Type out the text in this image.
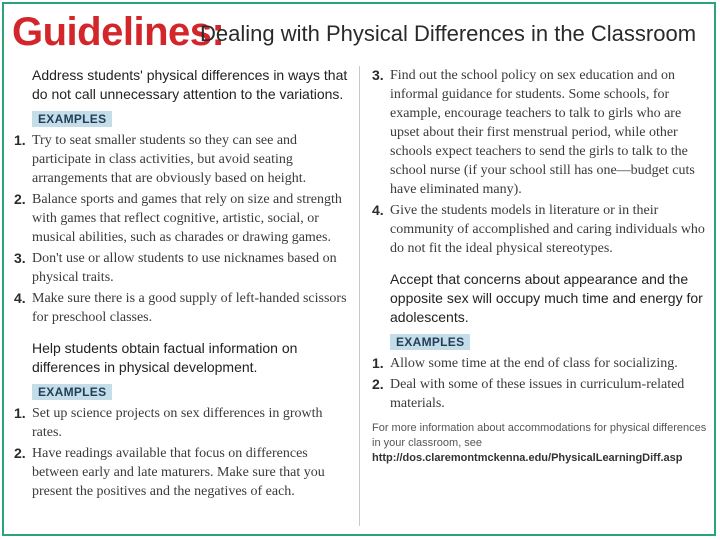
Guidelines:
Dealing with Physical Differences in the Classroom

Address students' physical differences in ways that do not call unnecessary attention to the variations.

EXAMPLES
1. Try to seat smaller students so they can see and participate in class activities, but avoid seating arrangements that are obviously based on height.
2. Balance sports and games that rely on size and strength with games that reflect cognitive, artistic, social, or musical abilities, such as charades or drawing games.
3. Don't use or allow students to use nicknames based on physical traits.
4. Make sure there is a good supply of left-handed scissors for preschool classes.

Help students obtain factual information on differences in physical development.

EXAMPLES
1. Set up science projects on sex differences in growth rates.
2. Have readings available that focus on differences between early and late maturers. Make sure that you present the positives and the negatives of each.
3. Find out the school policy on sex education and on informal guidance for students. Some schools, for example, encourage teachers to talk to girls who are upset about their first menstrual period, while other schools expect teachers to send the girls to talk to the school nurse (if your school still has one—budget cuts have eliminated many).
4. Give the students models in literature or in their community of accomplished and caring individuals who do not fit the ideal physical stereotypes.

Accept that concerns about appearance and the opposite sex will occupy much time and energy for adolescents.

EXAMPLES
1. Allow some time at the end of class for socializing.
2. Deal with some of these issues in curriculum-related materials.
For more information about accommodations for physical differences in your classroom, see http://dos.claremontmckenna.edu/PhysicalLearningDiff.asp
